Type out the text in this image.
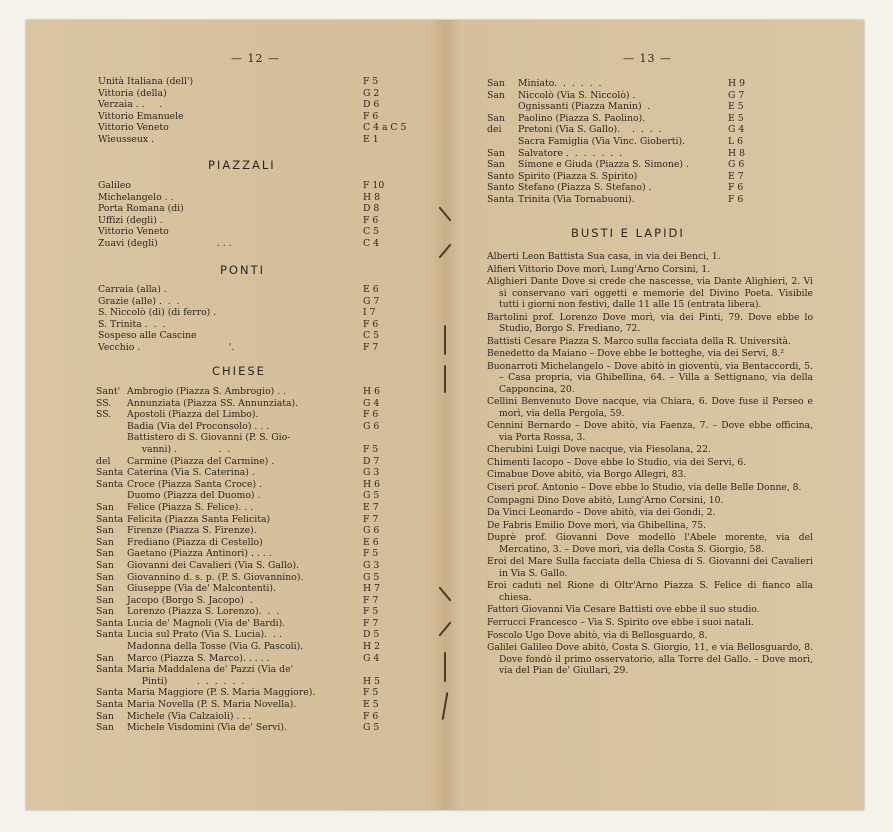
— 12 —
Unità Italiana (dell')	F 5
Vittoria (della)	G 2
Verzaia . .     .	D 6
Vittorio Emanuele	F 6
Vittorio Veneto	C 4 a C 5
Wieusseux .	E 1
PIAZZALI
Galileo	F 10
Michelangelo . .	H 8
Porta Romana (di)	D 8
Uffizi (degli) .	F 6
Vittorio Veneto	C 5
Zuavi (degli)                    . . .	C 4
PONTI
Carraia (alla) .	E 6
Grazie (alle) .  .  .	G 7
S. Niccolò (di) (di ferro) .	I 7
S. Trinita .  .  .	F 6
Sospeso alle Cascine	C 5
Vecchio .                              '.	F 7
CHIESE
Sant' Ambrogio (Piazza S. Ambrogio) . .	H 6
SS. Annunziata (Piazza SS. Annunziata).	G 4
SS. Apostoli (Piazza del Limbo).	F 6
Badia (Via del Proconsolo) . . .	G 6
Battistero di S. Giovanni (P. S. Gio-
vanni) .              .  .	F 5
del Carmine (Piazza del Carmine) .	D 7
Santa Caterina (Via S. Caterina) .	G 3
Santa Croce (Piazza Santa Croce) .	H 6
Duomo (Piazza del Duomo) .	G 5
San Felice (Piazza S. Felice). . .	E 7
Santa Felicita (Piazza Santa Felicita)	F 7
San Firenze (Piazza S. Firenze).	G 6
San Frediano (Piazza di Cestello)	E 6
San Gaetano (Piazza Antinori) . . . .	F 5
San Giovanni dei Cavalieri (Via S. Gallo).	G 3
San Giovannino d. s. p. (P. S. Giovannino).	G 5
San Giuseppe (Via de' Malcontenti).	H 7
San Jacopo (Borgo S. Jacopo)  .	F 7
San Lorenzo (Piazza S. Lorenzo).  .  .	F 5
Santa Lucia de' Magnoli (Via de' Bardi).	F 7
Santa Lucia sul Prato (Via S. Lucia).  . .	D 5
Madonna della Tosse (Via G. Pascoli).	H 2
San Marco (Piazza S. Marco). . . . .	G 4
Santa Maria Maddalena de' Pazzi (Via de'
Pinti)          .  .  .  .  .  .	H 5
Santa Maria Maggiore (P. S. Maria Maggiore).	F 5
Santa Maria Novella (P. S. Maria Novella).	E 5
San Michele (Via Calzaioli) . . .	F 6
San Michele Visdomini (Via de' Servi).	G 5
— 13 —
San Miniato.  .  .  .  .  .	H 9
San Niccolò (Via S. Niccolò) .	G 7
Ognissanti (Piazza Manin)  .	E 5
San Paolino (Piazza S. Paolino).	E 5
dei Pretoni (Via S. Gallo).    .  .  .  .	G 4
Sacra Famiglia (Via Vinc. Gioberti).	L 6
San Salvatore .  .  .  .  .  .  .	H 8
San Simone e Giuda (Piazza S. Simone) .	G 6
Santo Spirito (Piazza S. Spirito)	E 7
Santo Stefano (Piazza S. Stefano) .	F 6
Santa Trinita (Via Tornabuoni).	F 6
BUSTI E LAPIDI
Alberti Leon Battista Sua casa, in via dei Benci, 1.
Alfieri Vittorio Dove morì, Lung'Arno Corsini, 1.
Alighieri Dante Dove si crede che nascesse, via Dante Alighieri, 2. Vi si conservano vari oggetti e memorie del Divino Poeta. Visibile tutti i giorni non festivi, dalle 11 alle 15 (entrata libera).
Bartolini prof. Lorenzo Dove morì, via dei Pinti, 79. Dove ebbe lo Studio, Borgo S. Frediano, 72.
Battisti Cesare Piazza S. Marco sulla facciata della R. Università.
Benedetto da Maiano – Dove ebbe le botteghe, via dei Servi, 8.²
Buonarroti Michelangelo – Dove abitò in gioventù, via Bentaccordi, 5. – Casa propria, via Ghibellina, 64. – Villa a Settignano, via della Capponcina, 20.
Cellini Benvenuto Dove nacque, via Chiara, 6. Dove fuse il Perseo e morì, via della Pergola, 59.
Cennini Bernardo – Dove abitò, via Faenza, 7. – Dove ebbe officina, via Porta Rossa, 3.
Cherubini Luigi Dove nacque, via Fiesolana, 22.
Chimenti Iacopo – Dove ebbe lo Studio, via dei Servi, 6.
Cimabue Dove abitò, via Borgo Allegri, 83.
Ciseri prof. Antonio – Dove ebbe lo Studio, via delle Belle Donne, 8.
Compagni Dino Dove abitò, Lung'Arno Corsini, 10.
Da Vinci Leonardo – Dove abitò, via dei Gondi, 2.
De Fabris Emilio Dove morì, via Ghibellina, 75.
Duprè prof. Giovanni Dove modellò l'Abele morente, via del Mercatino, 3. – Dove morì, via della Costa S. Giorgio, 58.
Eroi del Mare Sulla facciata della Chiesa di S. Giovanni dei Cavalieri in Via S. Gallo.
Eroi caduti nel Rione di Oltr'Arno Piazza S. Felice di fianco alla chiesa.
Fattori Giovanni Via Cesare Battisti ove ebbe il suo studio.
Ferrucci Francesco – Via S. Spirito ove ebbe i suoi natali.
Foscolo Ugo Dove abitò, via di Bellosguardo, 8.
Galilei Galileo Dove abitò, Costa S. Giorgio, 11, e via Bellosguardo, 8. Dove fondò il primo osservatorio, alla Torre del Gallo. – Dove morì, via del Pian de' Giullari, 29.
